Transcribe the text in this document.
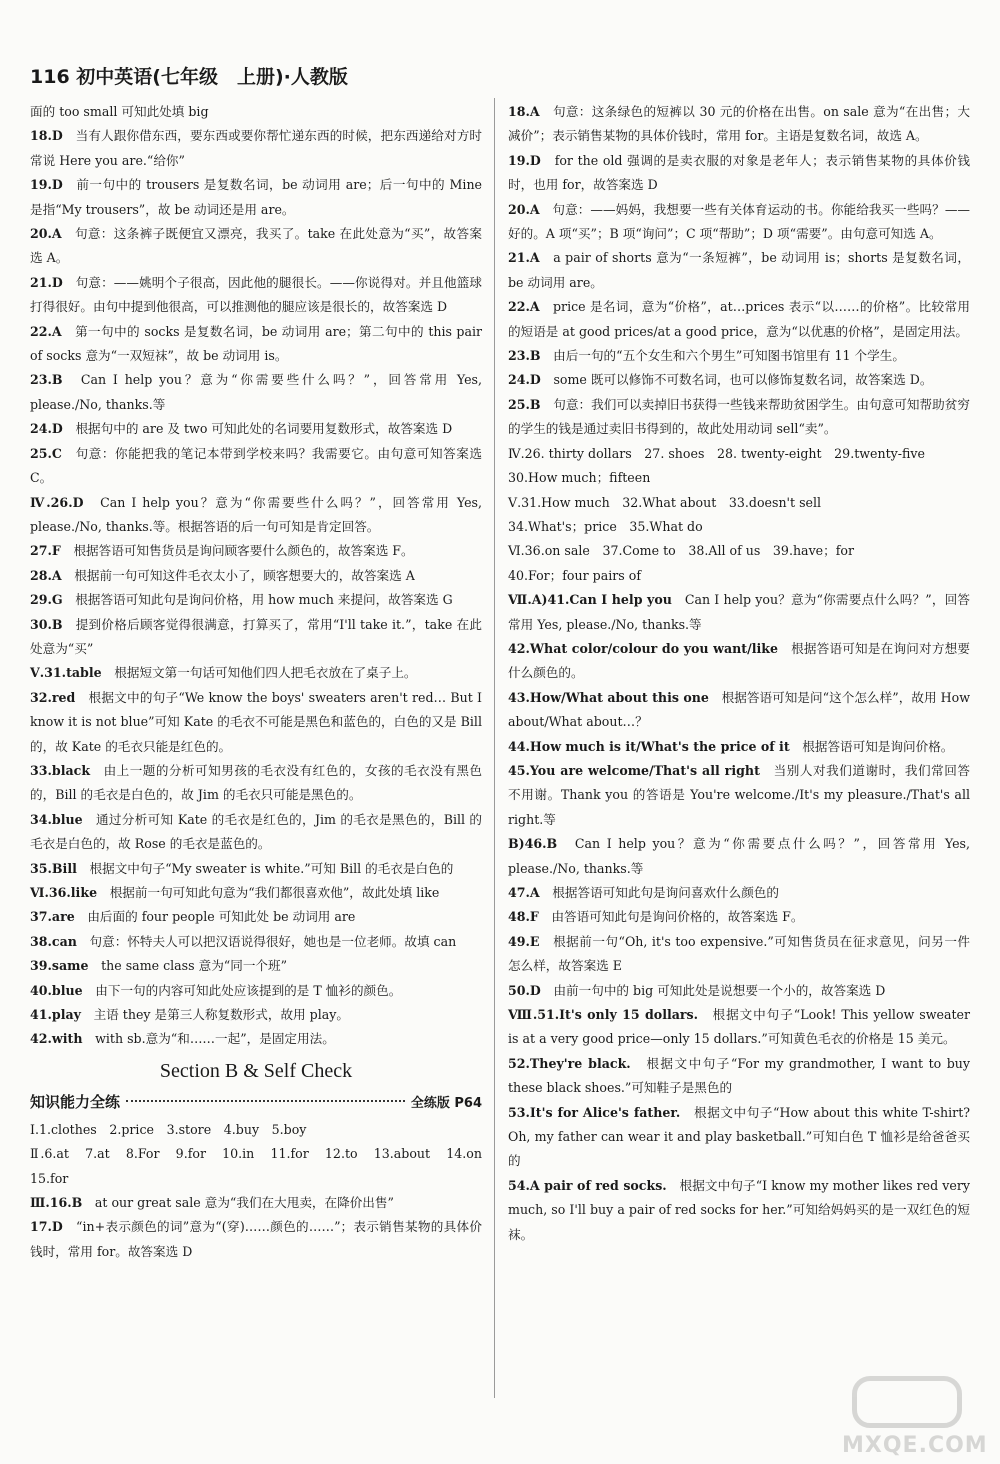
116 初中英语(七年级　上册)·人教版
面的 too small 可知此处填 big
18.D　 当有人跟你借东西，要东西或要你帮忙递东西的时候，把东西递给对方时常说 Here you are.“给你”
19.D　 前一句中的 trousers 是复数名词，be 动词用 are；后一句中的 Mine 是指“My trousers”，故 be 动词还是用 are。
20.A　 句意：这条裤子既便宜又漂亮，我买了。take 在此处意为“买”，故答案选 A。
21.D　 句意：——姚明个子很高，因此他的腿很长。——你说得对。并且他篮球打得很好。由句中提到他很高，可以推测他的腿应该是很长的，故答案选 D
22.A　 第一句中的 socks 是复数名词，be 动词用 are；第二句中的 this pair of socks 意为“一双短袜”，故 be 动词用 is。
23.B　 Can I help you？意为“你需要些什么吗？”，回答常用 Yes, please./No, thanks.等
24.D　 根据句中的 are 及 two 可知此处的名词要用复数形式，故答案选 D
25.C　 句意：你能把我的笔记本带到学校来吗？我需要它。由句意可知答案选 C。
Ⅳ.26.D　 Can I help you？意为“你需要些什么吗？”，回答常用 Yes, please./No, thanks.等。根据答语的后一句可知是肯定回答。
27.F　 根据答语可知售货员是询问顾客要什么颜色的，故答案选 F。
28.A　 根据前一句可知这件毛衣太小了，顾客想要大的，故答案选 A
29.G　 根据答语可知此句是询问价格，用 how much 来提问，故答案选 G
30.B　 提到价格后顾客觉得很满意，打算买了，常用“I'll take it.”，take 在此处意为“买”
Ⅴ.31.table　 根据短文第一句话可知他们四人把毛衣放在了桌子上。
32.red　 根据文中的句子“We know the boys' sweaters aren't red… But I know it is not blue”可知 Kate 的毛衣不可能是黑色和蓝色的，白色的又是 Bill 的，故 Kate 的毛衣只能是红色的。
33.black　 由上一题的分析可知男孩的毛衣没有红色的，女孩的毛衣没有黑色的，Bill 的毛衣是白色的，故 Jim 的毛衣只可能是黑色的。
34.blue　 通过分析可知 Kate 的毛衣是红色的，Jim 的毛衣是黑色的，Bill 的毛衣是白色的，故 Rose 的毛衣是蓝色的。
35.Bill　 根据文中句子“My sweater is white.”可知 Bill 的毛衣是白色的
Ⅵ.36.like　 根据前一句可知此句意为“我们都很喜欢他”，故此处填 like
37.are　 由后面的 four people 可知此处 be 动词用 are
38.can　 句意：怀特夫人可以把汉语说得很好，她也是一位老师。故填 can
39.same　 the same class 意为“同一个班”
40.blue　 由下一句的内容可知此处应该提到的是 T 恤衫的颜色。
41.play　 主语 they 是第三人称复数形式，故用 play。
42.with　 with sb.意为“和……一起”，是固定用法。
Section B & Self Check
知识能力全练	全练版 P64
Ⅰ.1.clothes　2.price　3.store　4.buy　5.boy
Ⅱ.6.at　7.at　8.For　9.for　10.in　11.for　12.to　13.about　14.on　15.for
Ⅲ.16.B　 at our great sale 意为“我们在大甩卖，在降价出售”
17.D　 “in+表示颜色的词”意为“(穿)……颜色的……”；表示销售某物的具体价钱时，常用 for。故答案选 D
18.A　 句意：这条绿色的短裤以 30 元的价格在出售。on sale 意为“在出售；大减价”；表示销售某物的具体价钱时，常用 for。主语是复数名词，故选 A。
19.D　 for the old 强调的是卖衣服的对象是老年人；表示销售某物的具体价钱时，也用 for，故答案选 D
20.A　 句意：——妈妈，我想要一些有关体育运动的书。你能给我买一些吗？——好的。A 项“买”；B 项“询问”；C 项“帮助”；D 项“需要”。由句意可知选 A。
21.A　 a pair of shorts 意为“一条短裤”，be 动词用 is；shorts 是复数名词，be 动词用 are。
22.A　 price 是名词，意为“价格”，at…prices 表示“以……的价格”。比较常用的短语是 at good prices/at a good price，意为“以优惠的价格”，是固定用法。
23.B　 由后一句的“五个女生和六个男生”可知图书馆里有 11 个学生。
24.D　 some 既可以修饰不可数名词，也可以修饰复数名词，故答案选 D。
25.B　 句意：我们可以卖掉旧书获得一些钱来帮助贫困学生。由句意可知帮助贫穷的学生的钱是通过卖旧书得到的，故此处用动词 sell“卖”。
Ⅳ.26. thirty dollars　27. shoes　28. twenty-eight　29.twenty-five
30.How much；fifteen
Ⅴ.31.How much　32.What about　33.doesn't sell
34.What's；price　35.What do
Ⅵ.36.on sale　37.Come to　38.All of us　39.have；for
40.For；four pairs of
Ⅶ.A)41.Can I help you　 Can I help you？意为“你需要点什么吗？”，回答常用 Yes, please./No, thanks.等
42.What color/colour do you want/like　 根据答语可知是在询问对方想要什么颜色的。
43.How/What about this one　 根据答语可知是问“这个怎么样”，故用 How about/What about…？
44.How much is it/What's the price of it　 根据答语可知是询问价格。
45.You are welcome/That's all right　 当别人对我们道谢时，我们常回答不用谢。Thank you 的答语是 You're welcome./It's my pleasure./That's all right.等
B)46.B　 Can I help you？意为“你需要点什么吗？”，回答常用 Yes, please./No, thanks.等
47.A　 根据答语可知此句是询问喜欢什么颜色的
48.F　 由答语可知此句是询问价格的，故答案选 F。
49.E　 根据前一句“Oh, it's too expensive.”可知售货员在征求意见，问另一件怎么样，故答案选 E
50.D　 由前一句中的 big 可知此处是说想要一个小的，故答案选 D
Ⅷ.51.It's only 15 dollars.　 根据文中句子“Look! This yellow sweater is at a very good price—only 15 dollars.”可知黄色毛衣的价格是 15 美元。
52.They're black.　 根据文中句子“For my grandmother, I want to buy these black shoes.”可知鞋子是黑色的
53.It's for Alice's father.　 根据文中句子“How about this white T-shirt? Oh, my father can wear it and play basketball.”可知白色 T 恤衫是给爸爸买的
54.A pair of red socks.　 根据文中句子“I know my mother likes red very much, so I'll buy a pair of red socks for her.”可知给妈妈买的是一双红色的短袜。
MXQE.COM
